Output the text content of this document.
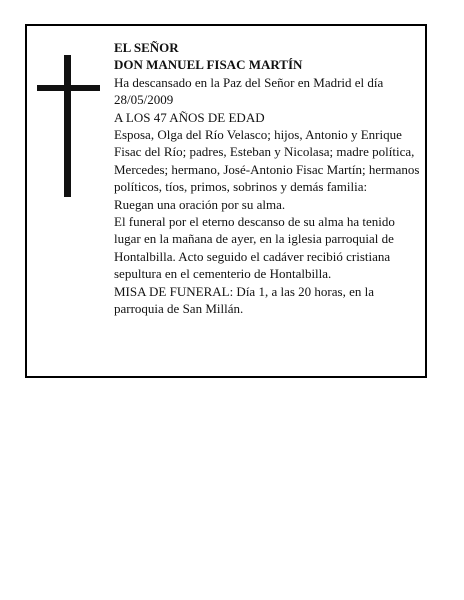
EL SEÑOR

DON MANUEL FISAC MARTÍN

Ha descansado en la Paz del Señor en Madrid el día 28/05/2009

A LOS 47 AÑOS DE EDAD

Esposa, Olga del Río Velasco; hijos, Antonio y Enrique Fisac del Río; padres, Esteban y Nicolasa; madre política, Mercedes; hermano, José-Antonio Fisac Martín; hermanos políticos, tíos, primos, sobrinos y demás familia:

Ruegan una oración por su alma.

El funeral por el eterno descanso de su alma ha tenido lugar en la mañana de ayer, en la iglesia parroquial de Hontalbilla. Acto seguido el cadáver recibió cristiana sepultura en el cementerio de Hontalbilla.

MISA DE FUNERAL: Día 1, a las 20 horas, en la parroquia de San Millán.
